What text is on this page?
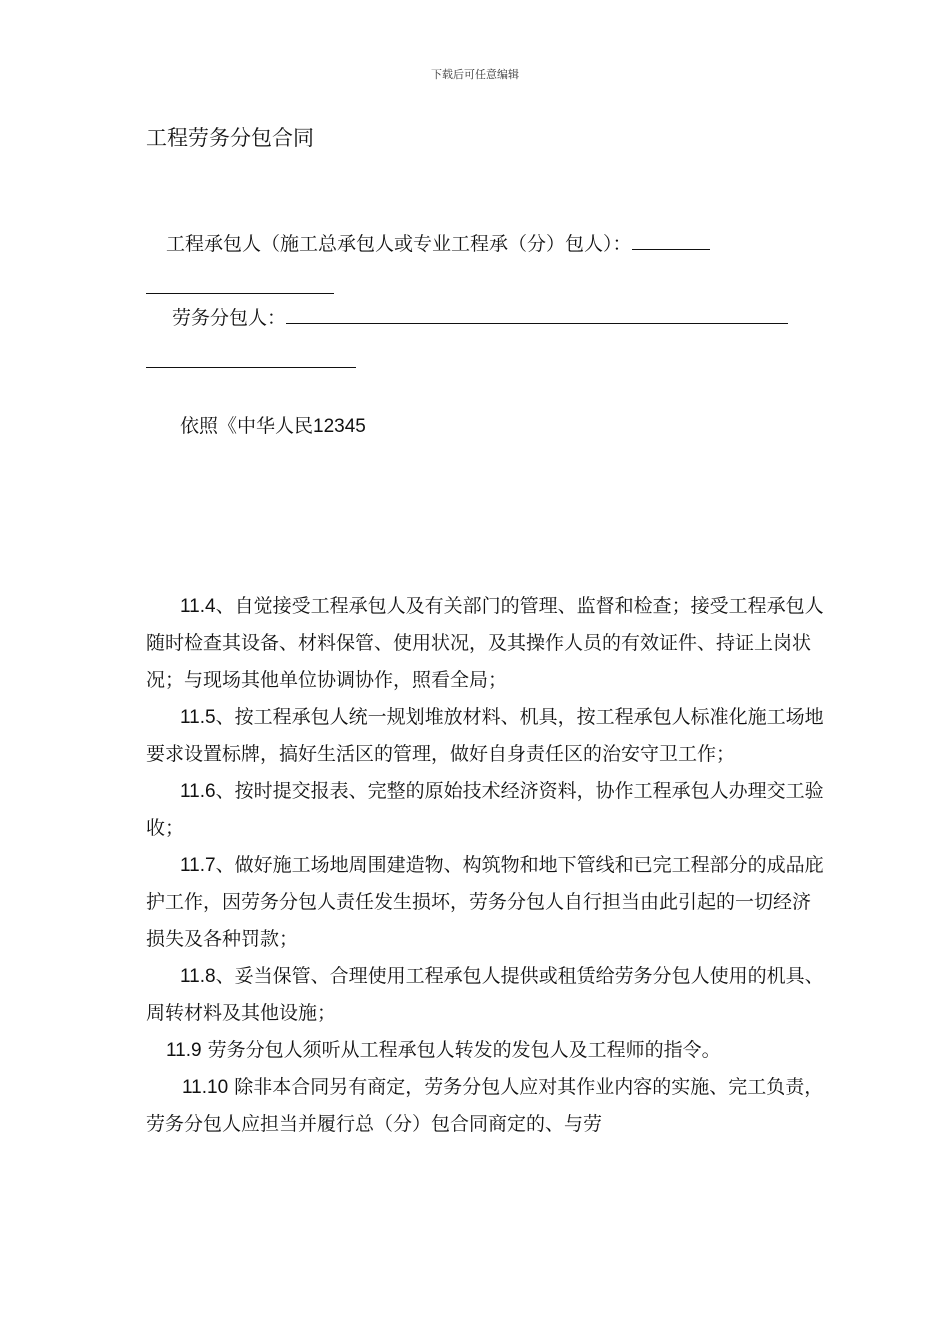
下载后可任意编辑
工程劳务分包合同
工程承包人（施工总承包人或专业工程承（分）包人）：

劳务分包人：

依照《中华人民12345

11.4、自觉接受工程承包人及有关部门的管理、监督和检查；接受工程承包人随时检查其设备、材料保管、使用状况，及其操作人员的有效证件、持证上岗状况；与现场其他单位协调协作，照看全局；

11.5、按工程承包人统一规划堆放材料、机具，按工程承包人标准化施工场地要求设置标牌，搞好生活区的管理，做好自身责任区的治安守卫工作；

11.6、按时提交报表、完整的原始技术经济资料，协作工程承包人办理交工验收；

11.7、做好施工场地周围建造物、构筑物和地下管线和已完工程部分的成品庇护工作，因劳务分包人责任发生损坏，劳务分包人自行担当由此引起的一切经济损失及各种罚款；

11.8、妥当保管、合理使用工程承包人提供或租赁给劳务分包人使用的机具、周转材料及其他设施；

11.9 劳务分包人须听从工程承包人转发的发包人及工程师的指令。

11.10 除非本合同另有商定，劳务分包人应对其作业内容的实施、完工负责，劳务分包人应担当并履行总（分）包合同商定的、与劳
